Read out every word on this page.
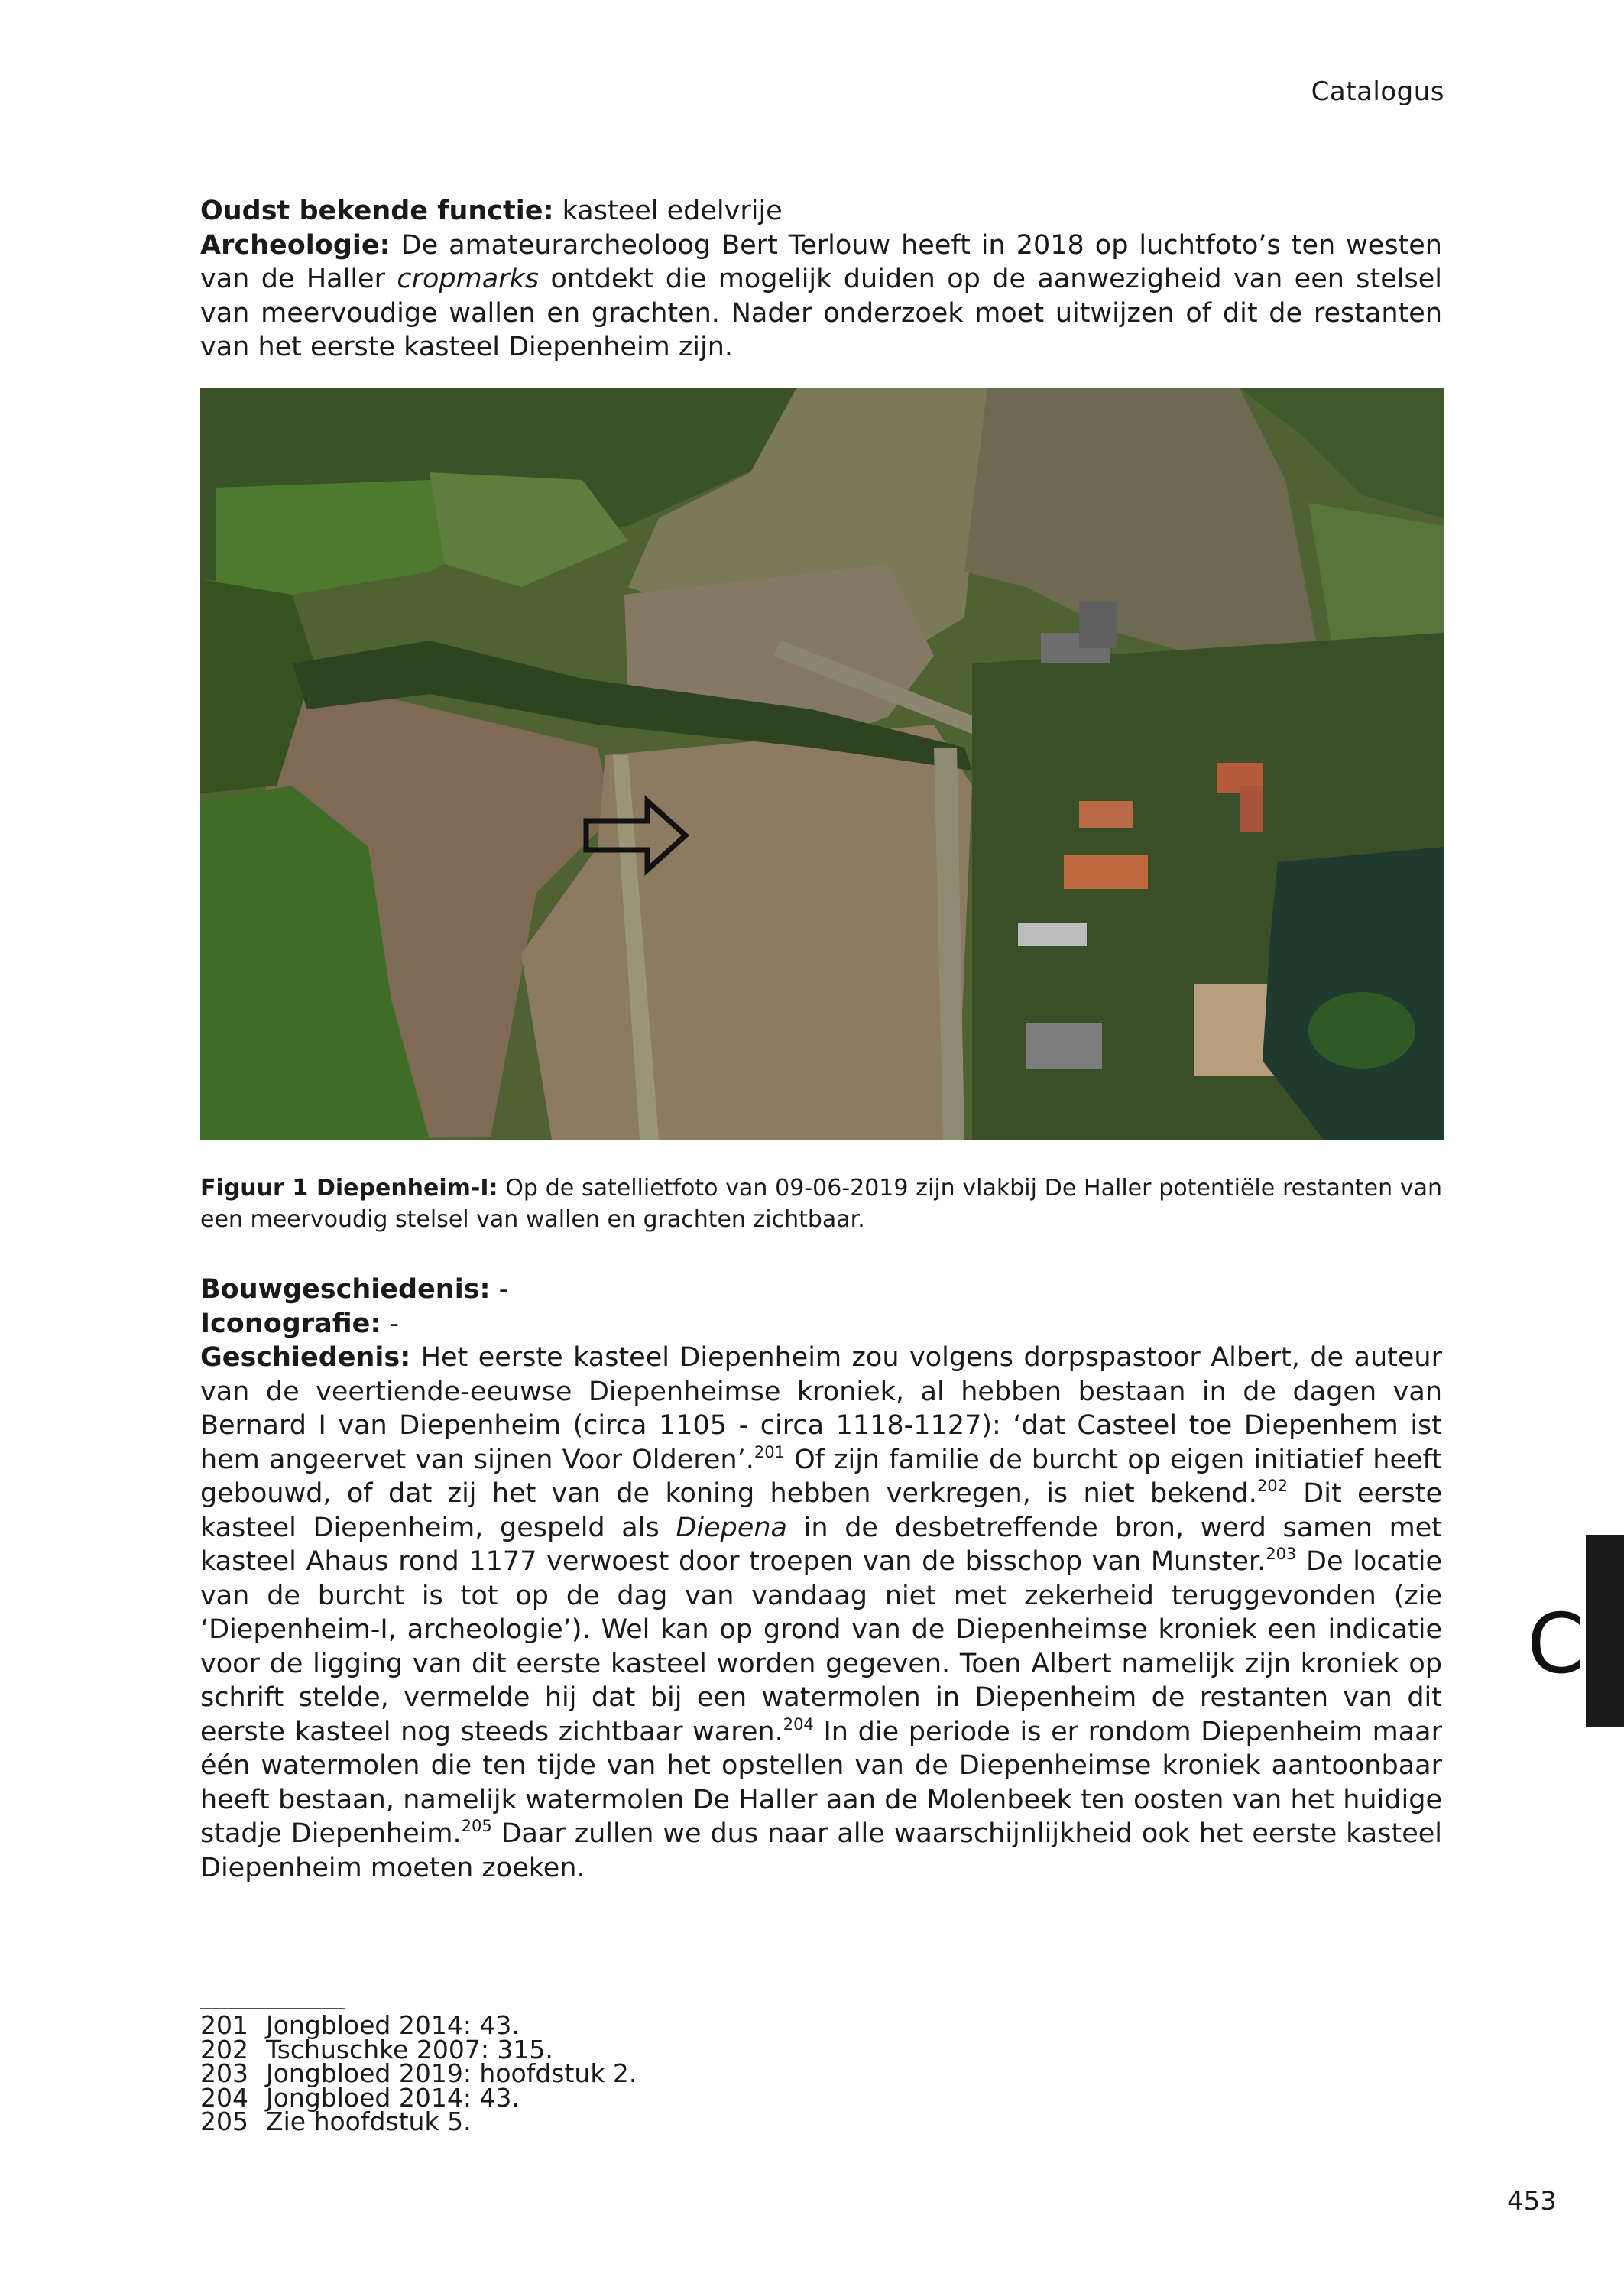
Catalogus

Oudst bekende functie: kasteel edelvrije

Archeologie: De amateurarcheoloog Bert Terlouw heeft in 2018 op luchtfoto’s ten westen van de Haller cropmarks ontdekt die mogelijk duiden op de aanwezigheid van een stelsel van meervoudige wallen en grachten. Nader onderzoek moet uitwijzen of dit de restanten van het eerste kasteel Diepenheim zijn.

Figuur 1 Diepenheim-I: Op de satellietfoto van 09-06-2019 zijn vlakbij De Haller potentiële restanten van een meervoudig stelsel van wallen en grachten zichtbaar.

Bouwgeschiedenis: -

Iconografie: -

Geschiedenis: Het eerste kasteel Diepenheim zou volgens dorpspastoor Albert, de auteur van de veertiende-eeuwse Diepenheimse kroniek, al hebben bestaan in de dagen van Bernard I van Diepenheim (circa 1105 - circa 1118-1127): ‘dat Casteel toe Diepenhem ist hem angeervet van sijnen Voor Olderen’.$^{201}$ Of zijn familie de burcht op eigen initiatief heeft gebouwd, of dat zij het van de koning hebben verkregen, is niet bekend.$^{202}$ Dit eerste kasteel Diepenheim, gespeld als Diepena in de desbetreffende bron, werd samen met kasteel Ahaus rond 1177 verwoest door troepen van de bisschop van Munster.$^{203}$ De locatie van de burcht is tot op de dag van vandaag niet met zekerheid teruggevonden (zie ‘Diepenheim-I, archeologie’). Wel kan op grond van de Diepenheimse kroniek een indicatie voor de ligging van dit eerste kasteel worden gegeven. Toen Albert namelijk zijn kroniek op schrift stelde, vermelde hij dat bij een watermolen in Diepenheim de restanten van dit eerste kasteel nog steeds zichtbaar waren.$^{204}$ In die periode is er rondom Diepenheim maar één watermolen die ten tijde van het opstellen van de Diepenheimse kroniek aantoonbaar heeft bestaan, namelijk watermolen De Haller aan de Molenbeek ten oosten van het huidige stadje Diepenheim.$^{205}$ Daar zullen we dus naar alle waarschijnlijkheid ook het eerste kasteel Diepenheim moeten zoeken.

201 Jongbloed 2014: 43.
202 Tschuschke 2007: 315.
203 Jongbloed 2019: hoofdstuk 2.
204 Jongbloed 2014: 43.
205 Zie hoofdstuk 5.
C
453
